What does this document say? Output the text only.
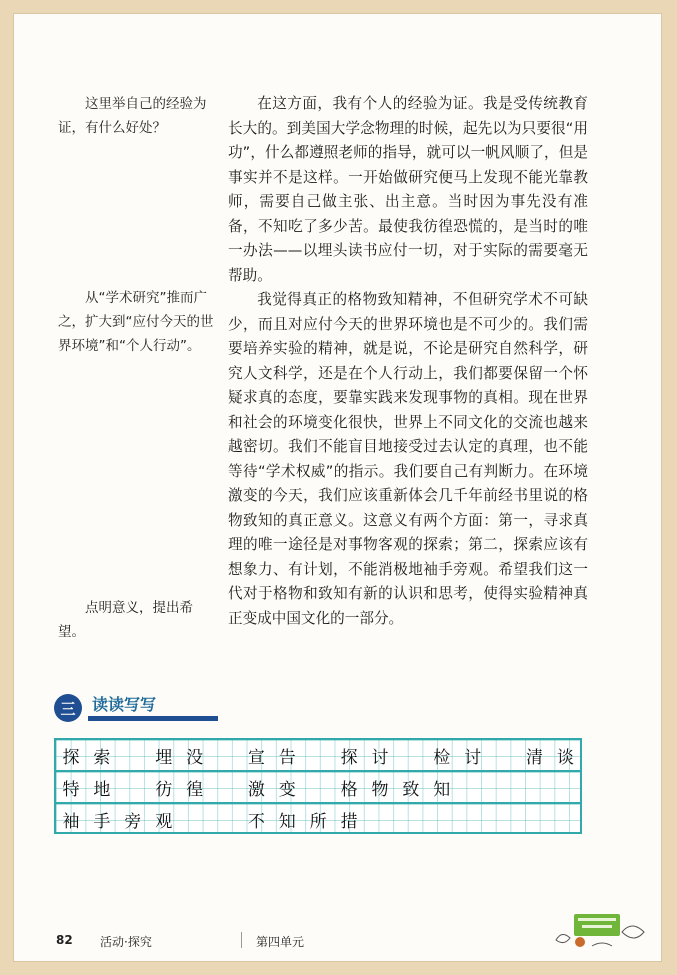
这里举自己的经验为证，有什么好处？

从“学术研究”推而广之，扩大到“应付今天的世界环境”和“个人行动”。

点明意义，提出希望。

在这方面，我有个人的经验为证。我是受传统教育长大的。到美国大学念物理的时候，起先以为只要很“用功”，什么都遵照老师的指导，就可以一帆风顺了，但是事实并不是这样。一开始做研究便马上发现不能光靠教师，需要自己做主张、出主意。当时因为事先没有准备，不知吃了多少苦。最使我彷徨恐慌的，是当时的唯一办法——以埋头读书应付一切，对于实际的需要毫无帮助。

我觉得真正的格物致知精神，不但研究学术不可缺少，而且对应付今天的世界环境也是不可少的。我们需要培养实验的精神，就是说，不论是研究自然科学，研究人文科学，还是在个人行动上，我们都要保留一个怀疑求真的态度，要靠实践来发现事物的真相。现在世界和社会的环境变化很快，世界上不同文化的交流也越来越密切。我们不能盲目地接受过去认定的真理，也不能等待“学术权威”的指示。我们要自己有判断力。在环境激变的今天，我们应该重新体会几千年前经书里说的格物致知的真正意义。这意义有两个方面：第一，寻求真理的唯一途径是对事物客观的探索；第二，探索应该有想象力、有计划，不能消极地袖手旁观。希望我们这一代对于格物和致知有新的认识和思考，使得实验精神真正变成中国文化的一部分。

三	读读写写
探 索	埋 没	宣 告	探 讨	检 讨	清 谈
特 地	彷 徨	激 变	格 物 致 知
袖 手 旁 观	不 知 所 措
82 活动·探究	第四单元
